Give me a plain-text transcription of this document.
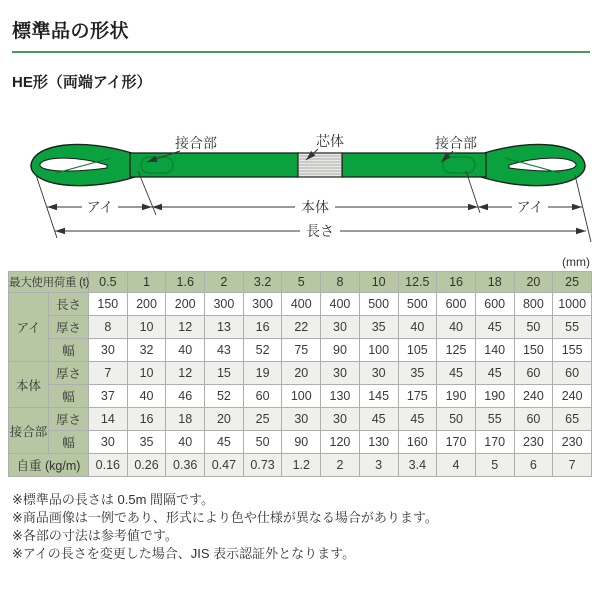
標準品の形状
HE形（両端アイ形）
接合部	芯体	接合部
アイ	本体	アイ
長さ
(mm)
最大使用荷重 (t)		0.5	1	1.6	2	3.2	5	8	10	12.5	16	18	20	25
アイ	長さ	150	200	200	300	300	400	400	500	500	600	600	800	1000
	厚さ	8	10	12	13	16	22	30	35	40	40	45	50	55
	幅	30	32	40	43	52	75	90	100	105	125	140	150	155
本体	厚さ	7	10	12	15	19	20	30	30	35	45	45	60	60
	幅	37	40	46	52	60	100	130	145	175	190	190	240	240
接合部	厚さ	14	16	18	20	25	30	30	45	45	50	55	60	65
	幅	30	35	40	45	50	90	120	130	160	170	170	230	230
自重 (kg/m)		0.16	0.26	0.36	0.47	0.73	1.2	2	3	3.4	4	5	6	7
※標準品の長さは 0.5m 間隔です。
※商品画像は一例であり、形式により色や仕様が異なる場合があります。
※各部の寸法は参考値です。
※アイの長さを変更した場合、JIS 表示認証外となります。
